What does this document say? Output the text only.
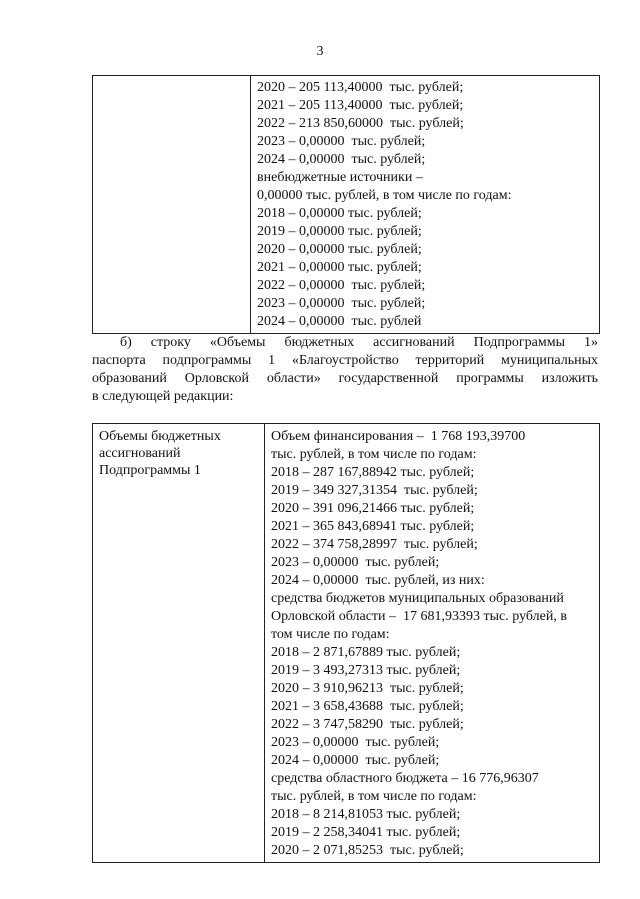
3

2020 – 205 113,40000  тыс. рублей;
2021 – 205 113,40000  тыс. рублей;
2022 – 213 850,60000  тыс. рублей;
2023 – 0,00000  тыс. рублей;
2024 – 0,00000  тыс. рублей;
внебюджетные источники –
0,00000 тыс. рублей, в том числе по годам:
2018 – 0,00000 тыс. рублей;
2019 – 0,00000 тыс. рублей;
2020 – 0,00000 тыс. рублей;
2021 – 0,00000 тыс. рублей;
2022 – 0,00000  тыс. рублей;
2023 – 0,00000  тыс. рублей;
2024 – 0,00000  тыс. рублей
б) строку «Объемы бюджетных ассигнований Подпрограммы 1»
паспорта подпрограммы 1 «Благоустройство территорий муниципальных
образований Орловской области» государственной программы изложить
в следующей редакции:
Объемы бюджетных
ассигнований
Подпрограммы 1

Объем финансирования –  1 768 193,39700
тыс. рублей, в том числе по годам:
2018 – 287 167,88942 тыс. рублей;
2019 – 349 327,31354  тыс. рублей;
2020 – 391 096,21466 тыс. рублей;
2021 – 365 843,68941 тыс. рублей;
2022 – 374 758,28997  тыс. рублей;
2023 – 0,00000  тыс. рублей;
2024 – 0,00000  тыс. рублей, из них:
средства бюджетов муниципальных образований
Орловской области –  17 681,93393 тыс. рублей, в
том числе по годам:
2018 – 2 871,67889 тыс. рублей;
2019 – 3 493,27313 тыс. рублей;
2020 – 3 910,96213  тыс. рублей;
2021 – 3 658,43688  тыс. рублей;
2022 – 3 747,58290  тыс. рублей;
2023 – 0,00000  тыс. рублей;
2024 – 0,00000  тыс. рублей;
средства областного бюджета – 16 776,96307
тыс. рублей, в том числе по годам:
2018 – 8 214,81053 тыс. рублей;
2019 – 2 258,34041 тыс. рублей;
2020 – 2 071,85253  тыс. рублей;
